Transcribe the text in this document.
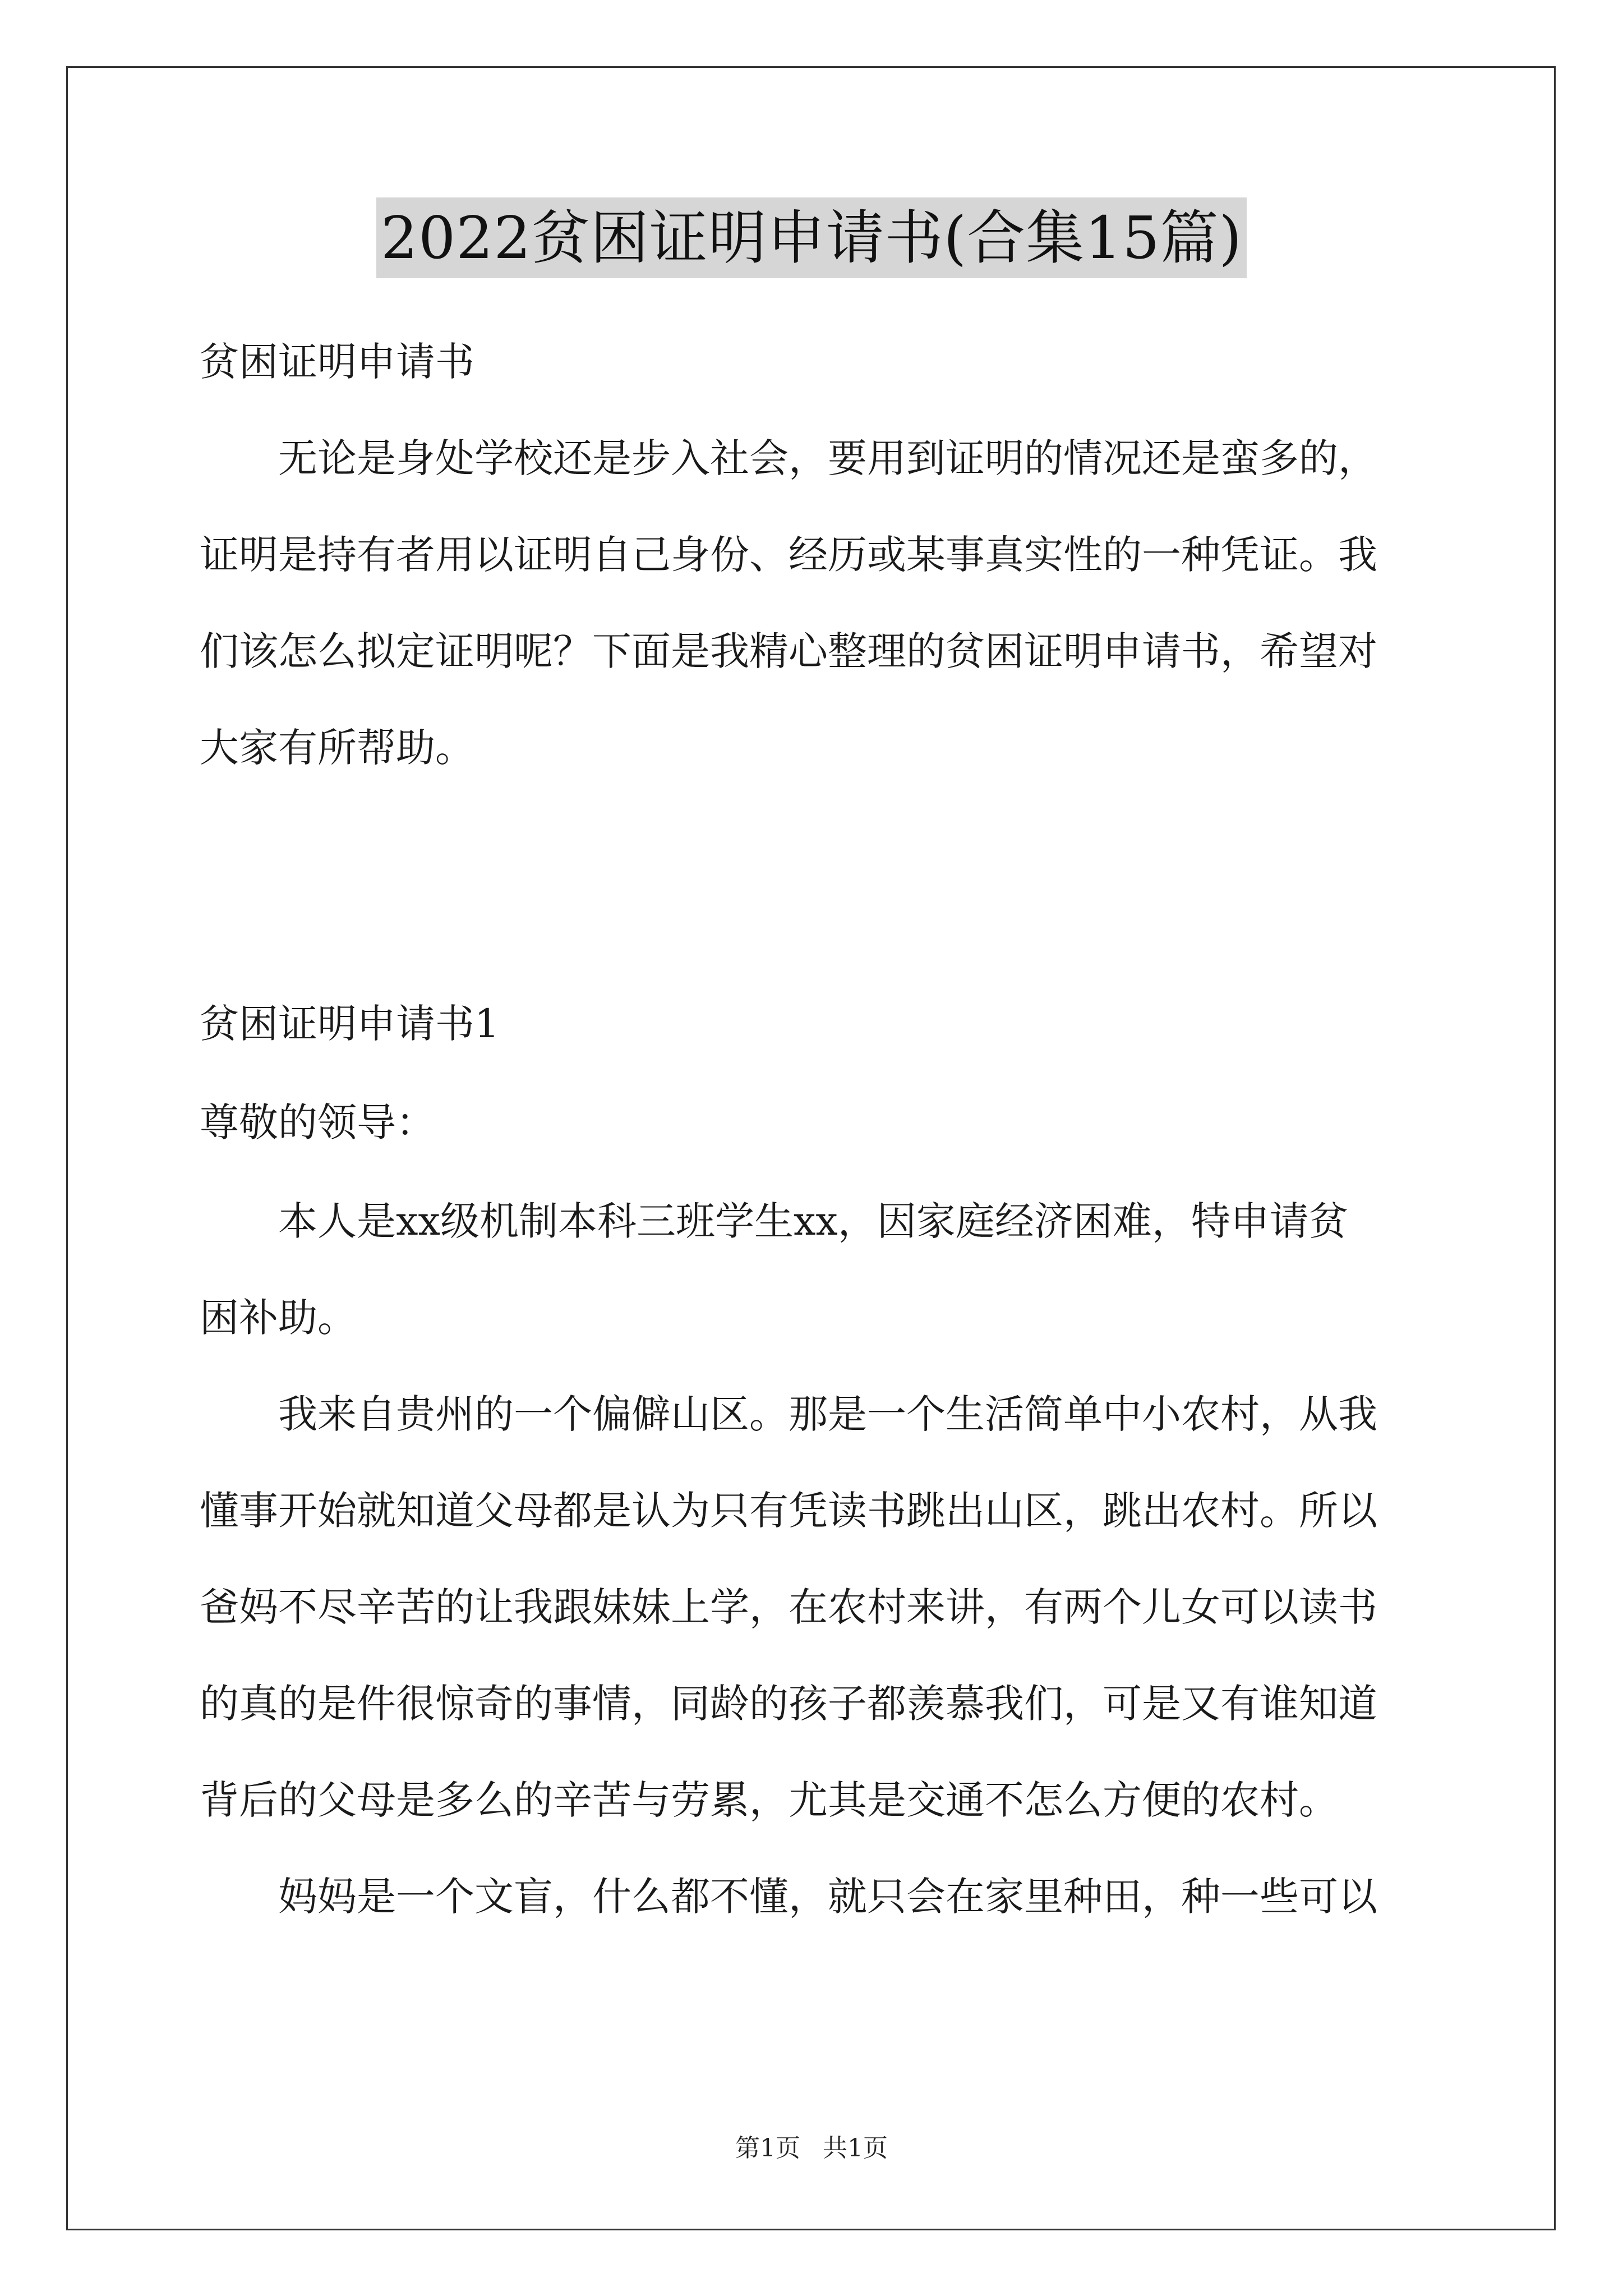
2022贫困证明申请书(合集15篇)
贫困证明申请书
无论是身处学校还是步入社会，要用到证明的情况还是蛮多的，
证明是持有者用以证明自己身份、经历或某事真实性的一种凭证。我
们该怎么拟定证明呢？下面是我精心整理的贫困证明申请书，希望对
大家有所帮助。
贫困证明申请书1
尊敬的领导：
本人是xx级机制本科三班学生xx，因家庭经济困难，特申请贫
困补助。
我来自贵州的一个偏僻山区。那是一个生活简单中小农村，从我
懂事开始就知道父母都是认为只有凭读书跳出山区，跳出农村。所以
爸妈不尽辛苦的让我跟妹妹上学，在农村来讲，有两个儿女可以读书
的真的是件很惊奇的事情，同龄的孩子都羡慕我们，可是又有谁知道
背后的父母是多么的辛苦与劳累，尤其是交通不怎么方便的农村。
妈妈是一个文盲，什么都不懂，就只会在家里种田，种一些可以
第1页 共1页
